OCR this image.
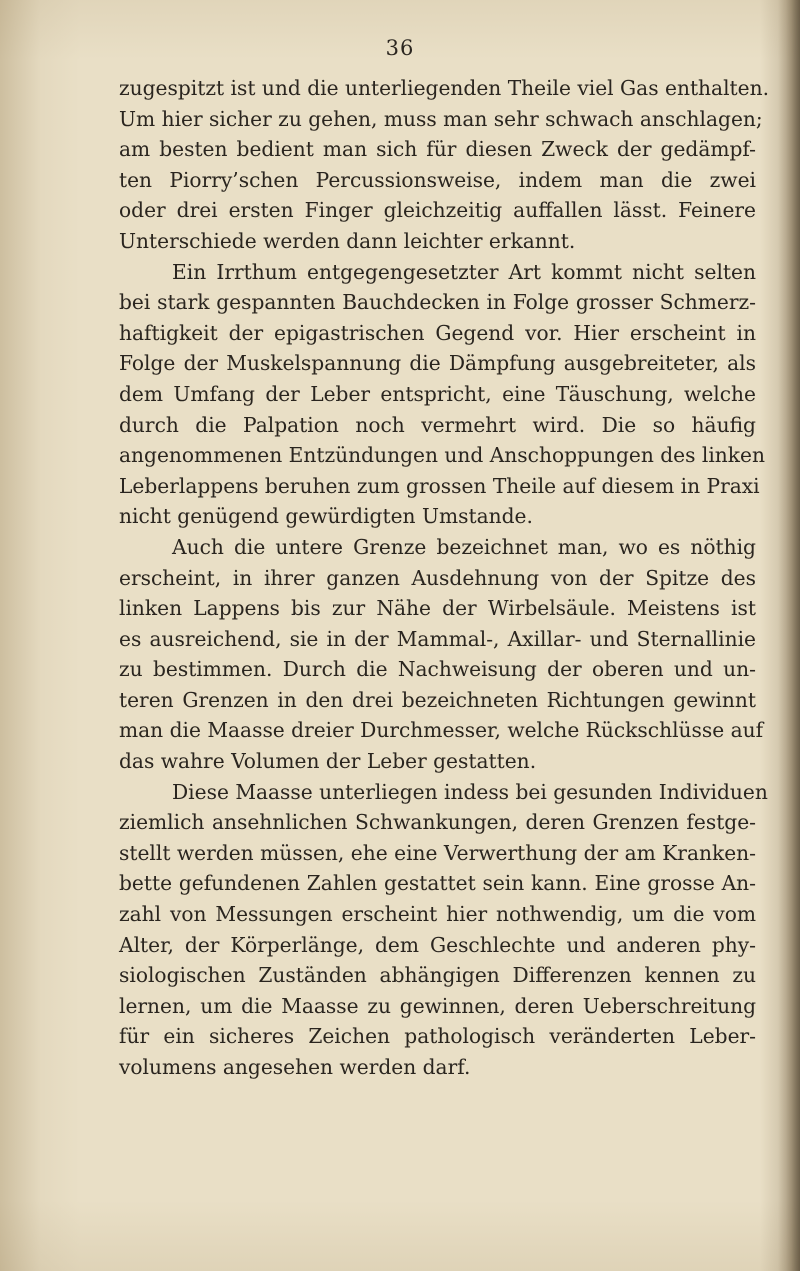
36
zugespitzt ist und die unterliegenden Theile viel Gas enthalten.
Um hier sicher zu gehen, muss man sehr schwach anschlagen;
am besten bedient man sich für diesen Zweck der gedämpf-
ten Piorry’schen Percussionsweise, indem man die zwei
oder drei ersten Finger gleichzeitig auffallen lässt. Feinere
Unterschiede werden dann leichter erkannt.
Ein Irrthum entgegengesetzter Art kommt nicht selten
bei stark gespannten Bauchdecken in Folge grosser Schmerz-
haftigkeit der epigastrischen Gegend vor. Hier erscheint in
Folge der Muskelspannung die Dämpfung ausgebreiteter, als
dem Umfang der Leber entspricht, eine Täuschung, welche
durch die Palpation noch vermehrt wird. Die so häufig
angenommenen Entzündungen und Anschoppungen des linken
Leberlappens beruhen zum grossen Theile auf diesem in Praxi
nicht genügend gewürdigten Umstande.
Auch die untere Grenze bezeichnet man, wo es nöthig
erscheint, in ihrer ganzen Ausdehnung von der Spitze des
linken Lappens bis zur Nähe der Wirbelsäule. Meistens ist
es ausreichend, sie in der Mammal-, Axillar- und Sternallinie
zu bestimmen. Durch die Nachweisung der oberen und un-
teren Grenzen in den drei bezeichneten Richtungen gewinnt
man die Maasse dreier Durchmesser, welche Rückschlüsse auf
das wahre Volumen der Leber gestatten.
Diese Maasse unterliegen indess bei gesunden Individuen
ziemlich ansehnlichen Schwankungen, deren Grenzen festge-
stellt werden müssen, ehe eine Verwerthung der am Kranken-
bette gefundenen Zahlen gestattet sein kann. Eine grosse An-
zahl von Messungen erscheint hier nothwendig, um die vom
Alter, der Körperlänge, dem Geschlechte und anderen phy-
siologischen Zuständen abhängigen Differenzen kennen zu
lernen, um die Maasse zu gewinnen, deren Ueberschreitung
für ein sicheres Zeichen pathologisch veränderten Leber-
volumens angesehen werden darf.
